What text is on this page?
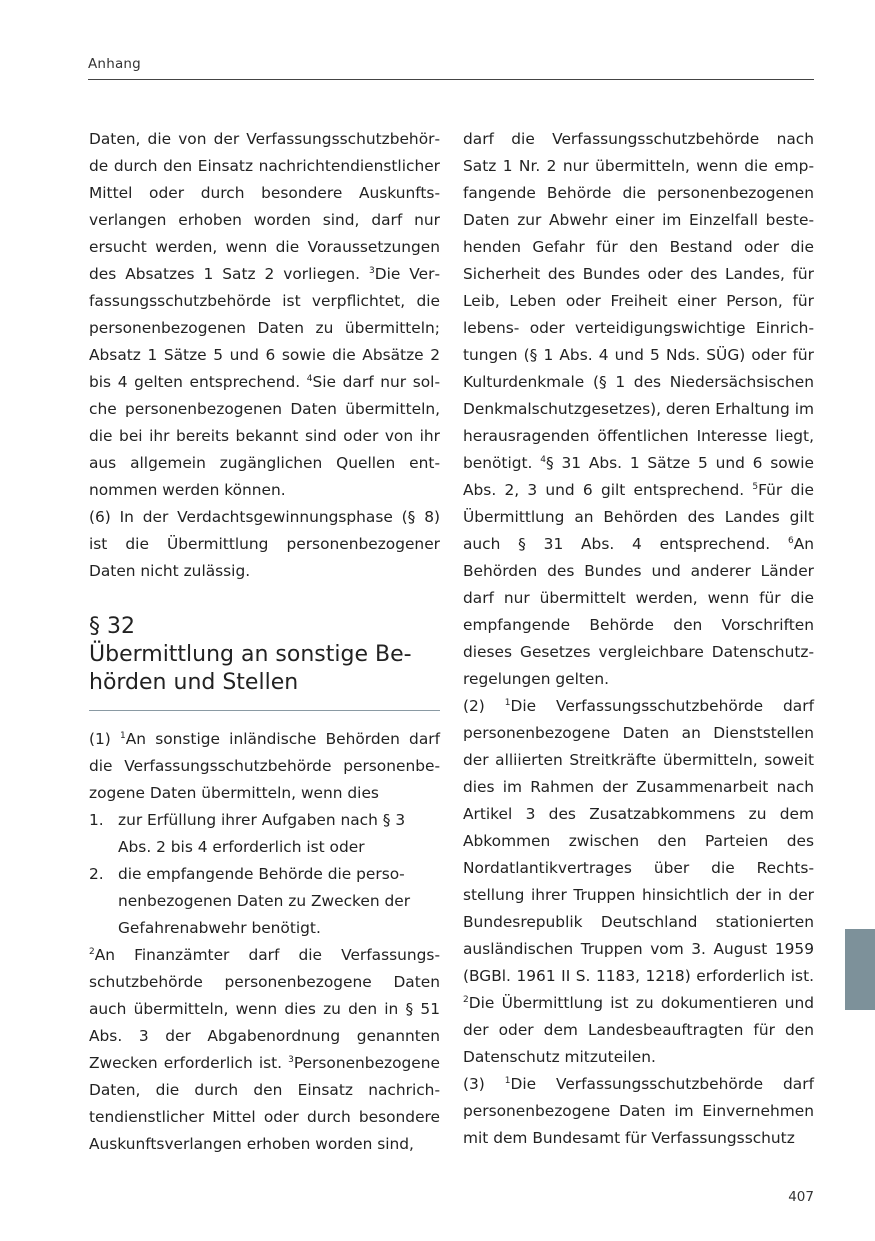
Anhang

Daten, die von der Verfassungsschutzbehörde durch den Einsatz nachrichtendienstlicher Mittel oder durch besondere Auskunftsverlangen erhoben worden sind, darf nur ersucht werden, wenn die Voraussetzungen des Absatzes 1 Satz 2 vorliegen. $^3$Die Verfassungsschutzbehörde ist verpflichtet, die personenbezogenen Daten zu übermitteln; Absatz 1 Sätze 5 und 6 sowie die Absätze 2 bis 4 gelten entsprechend. $^4$Sie darf nur solche personenbezogenen Daten übermitteln, die bei ihr bereits bekannt sind oder von ihr aus allgemein zugänglichen Quellen entnommen werden können.

(6) In der Verdachtsgewinnungsphase (§ 8) ist die Übermittlung personenbezogener Daten nicht zulässig.

§ 32
Übermittlung an sonstige Be-
hörden und Stellen

(1) $^1$An sonstige inländische Behörden darf die Verfassungsschutzbehörde personenbezogene Daten übermitteln, wenn dies

1. zur Erfüllung ihrer Aufgaben nach § 3 Abs. 2 bis 4 erforderlich ist oder
2. die empfangende Behörde die personenbezogenen Daten zu Zwecken der Gefahrenabwehr benötigt.

$^2$An Finanzämter darf die Verfassungsschutzbehörde personenbezogene Daten auch übermitteln, wenn dies zu den in § 51 Abs. 3 der Abgabenordnung genannten Zwecken erforderlich ist. $^3$Personenbezogene Daten, die durch den Einsatz nachrichtendienstlicher Mittel oder durch besondere Auskunftsverlangen erhoben worden sind,

darf die Verfassungsschutzbehörde nach Satz 1 Nr. 2 nur übermitteln, wenn die empfangende Behörde die personenbezogenen Daten zur Abwehr einer im Einzelfall bestehenden Gefahr für den Bestand oder die Sicherheit des Bundes oder des Landes, für Leib, Leben oder Freiheit einer Person, für lebens- oder verteidigungswichtige Einrichtungen (§ 1 Abs. 4 und 5 Nds. SÜG) oder für Kulturdenkmale (§ 1 des Niedersächsischen Denkmalschutzgesetzes), deren Erhaltung im herausragenden öffentlichen Interesse liegt, benötigt. $^4$§ 31 Abs. 1 Sätze 5 und 6 sowie Abs. 2, 3 und 6 gilt entsprechend. $^5$Für die Übermittlung an Behörden des Landes gilt auch § 31 Abs. 4 entsprechend. $^6$An Behörden des Bundes und anderer Länder darf nur übermittelt werden, wenn für die empfangende Behörde den Vorschriften dieses Gesetzes vergleichbare Datenschutzregelungen gelten.

(2) $^1$Die Verfassungsschutzbehörde darf personenbezogene Daten an Dienststellen der alliierten Streitkräfte übermitteln, soweit dies im Rahmen der Zusammenarbeit nach Artikel 3 des Zusatzabkommens zu dem Abkommen zwischen den Parteien des Nordatlantikvertrages über die Rechtsstellung ihrer Truppen hinsichtlich der in der Bundesrepublik Deutschland stationierten ausländischen Truppen vom 3. August 1959 (BGBl. 1961 II S. 1183, 1218) erforderlich ist. $^2$Die Übermittlung ist zu dokumentieren und der oder dem Landesbeauftragten für den Datenschutz mitzuteilen.

(3) $^1$Die Verfassungsschutzbehörde darf personenbezogene Daten im Einvernehmen mit dem Bundesamt für Verfassungsschutz

407
